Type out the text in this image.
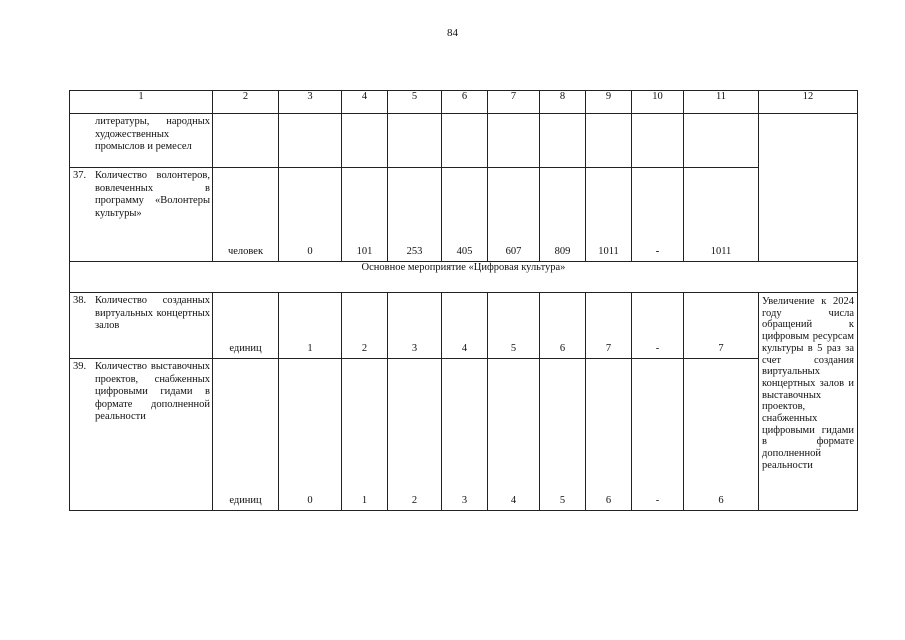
84
1	2	3	4	5	6	7	8	9	10	11	12

литературы, народных художественных промыслов и ремесел											

37. Количество волонтеров, вовлеченных в программу «Волонтеры культуры»	человек	0	101	253	405	607	809	1011	-	1011	
Основное мероприятие «Цифровая культура»											

38. Количество созданных виртуальных концертных залов	единиц	1	2	3	4	5	6	7	-	7	Увеличение к 2024 году числа обращений к цифровым ресурсам культуры в 5 раз за счет создания виртуальных концертных залов и выставочных проектов, снабженных цифровыми гидами в формате дополненной реальности

39. Количество выставочных проектов, снабженных цифровыми гидами в формате дополненной реальности	единиц	0	1	2	3	4	5	6	-	6	
